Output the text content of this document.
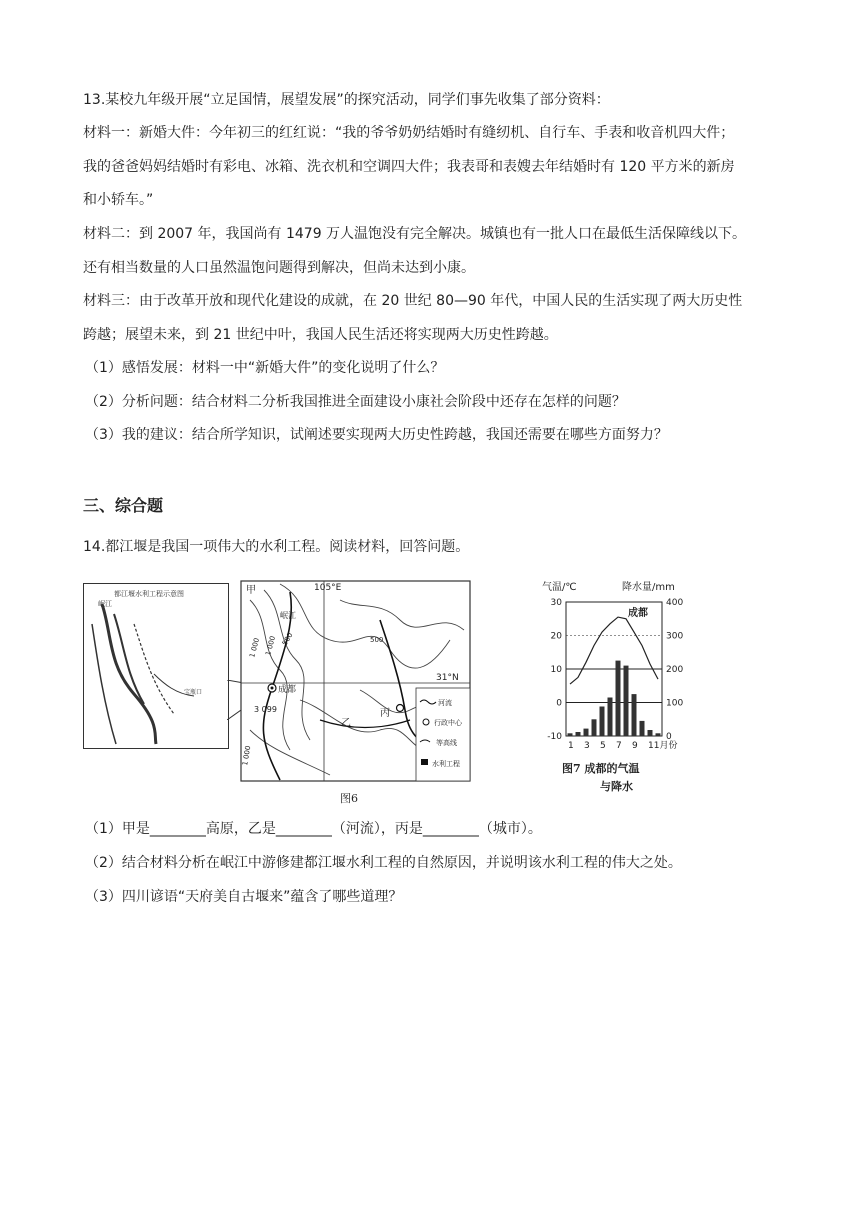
13.某校九年级开展“立足国情，展望发展”的探究活动，同学们事先收集了部分资料：
材料一：新婚大件：今年初三的红红说：“我的爷爷奶奶结婚时有缝纫机、自行车、手表和收音机四大件；
我的爸爸妈妈结婚时有彩电、冰箱、洗衣机和空调四大件；我表哥和表嫂去年结婚时有 120 平方米的新房
和小轿车。”
材料二：到 2007 年，我国尚有 1479 万人温饱没有完全解决。城镇也有一批人口在最低生活保障线以下。
还有相当数量的人口虽然温饱问题得到解决，但尚未达到小康。
材料三：由于改革开放和现代化建设的成就，在 20 世纪 80—90 年代，中国人民的生活实现了两大历史性
跨越；展望未来，到 21 世纪中叶，我国人民生活还将实现两大历史性跨越。
（1）感悟发展：材料一中“新婚大件”的变化说明了什么？
（2）分析问题：结合材料二分析我国推进全面建设小康社会阶段中还存在怎样的问题？
（3）我的建议：结合所学知识，试阐述要实现两大历史性跨越，我国还需要在哪些方面努力？
三、综合题
14.都江堰是我国一项伟大的水利工程。阅读材料，回答问题。
都江堰水利工程示意图
岷江
宝瓶口
105°E
31°N
甲
岷江
成都
3 099
乙
丙
1 000 1 000 500	500
1 000
河流
行政中心
等高线
水利工程
图6
气温/℃	降水量/mm
30
20
10
0
-10
400
300
200
100
0
1 3 5 7 9 11月份
成都
图7 成都的气温
与降水
（1）甲是________高原，乙是________（河流），丙是________（城市）。
（2）结合材料分析在岷江中游修建都江堰水利工程的自然原因，并说明该水利工程的伟大之处。
（3）四川谚语“天府美自古堰来”蕴含了哪些道理？
